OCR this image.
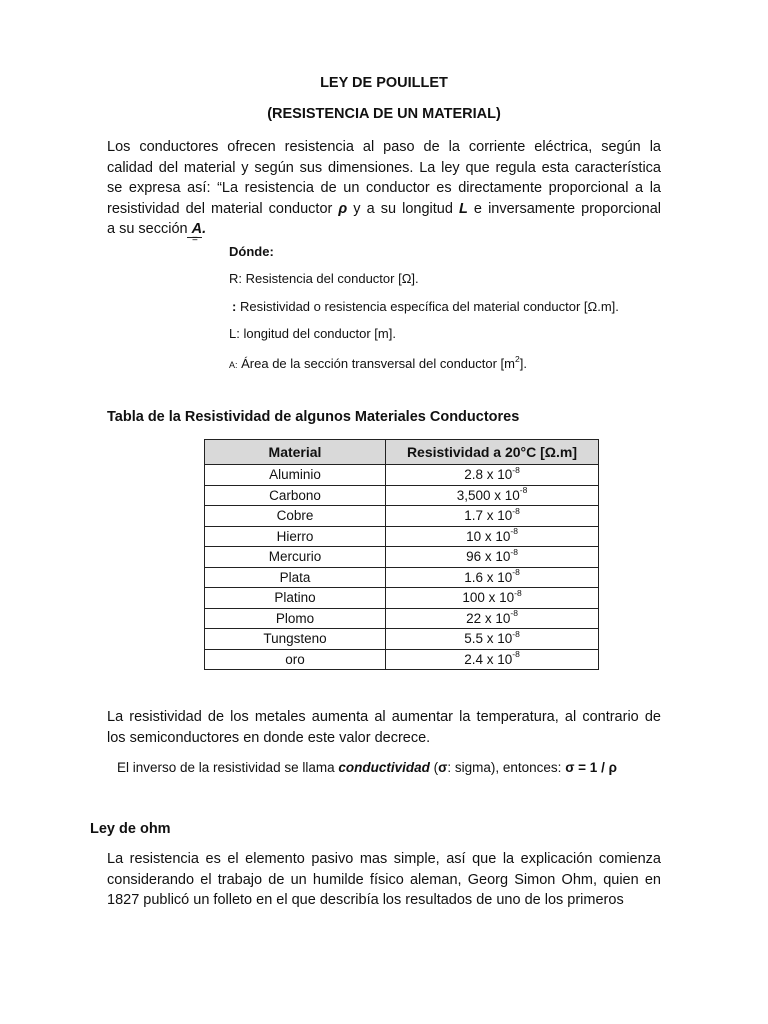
LEY DE POUILLET
(RESISTENCIA DE UN MATERIAL)
Los conductores ofrecen resistencia al paso de la corriente eléctrica, según la
calidad del material y según sus dimensiones. La ley que regula esta característica
se expresa así: “La resistencia de un conductor es directamente proporcional a la
resistividad del material conductor ρ y a su longitud L e inversamente proporcional
a su sección A.
=
Dónde:
R: Resistencia del conductor [Ω].
: Resistividad o resistencia específica del material conductor [Ω.m].
L: longitud del conductor [m].
A: Área de la sección transversal del conductor $[m^2]$.
Tabla de la Resistividad de algunos Materiales Conductores
Material	Resistividad a 20°C [Ω.m]
Aluminio	2.8 x $10^{-8}$
Carbono	3,500 x $10^{-8}$
Cobre	1.7 x $10^{-8}$
Hierro	10 x $10^{-8}$
Mercurio	96 x $10^{-8}$
Plata	1.6 x $10^{-8}$
Platino	100 x $10^{-8}$
Plomo	22 x $10^{-8}$
Tungsteno	5.5 x $10^{-8}$
oro	2.4 x $10^{-8}$
La resistividad de los metales aumenta al aumentar la temperatura, al contrario de
los semiconductores en donde este valor decrece.
El inverso de la resistividad se llama conductividad (σ: sigma), entonces: σ = 1 / ρ
Ley de ohm
La resistencia es el elemento pasivo mas simple, así que la explicación comienza
considerando el trabajo de un humilde físico aleman, Georg Simon Ohm, quien en
1827 publicó un folleto en el que describía los resultados de uno de los primeros
